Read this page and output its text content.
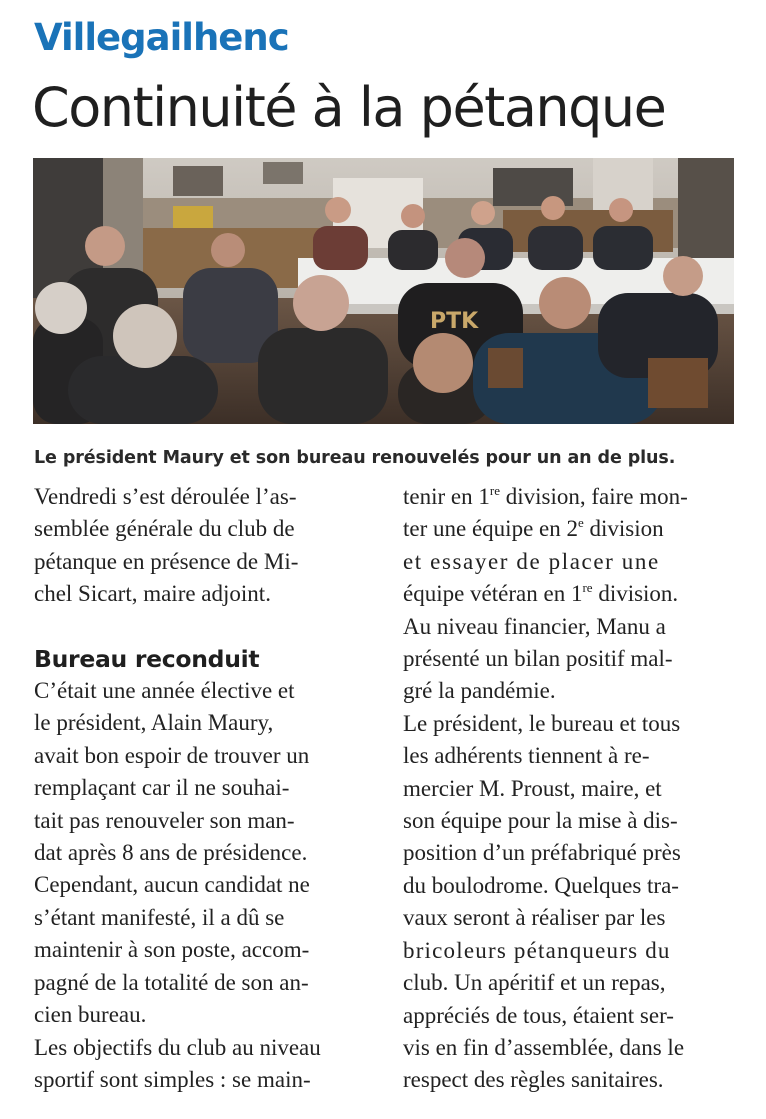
Villegailhenc
Continuité à la pétanque
PTK
Le président Maury et son bureau renouvelés pour un an de plus.

Vendredi s’est déroulée l’as-

semblée générale du club de

pétanque en présence de Mi-

chel Sicart, maire adjoint.

Bureau reconduit

C’était une année élective et

le président, Alain Maury,

avait bon espoir de trouver un

remplaçant car il ne souhai-

tait pas renouveler son man-

dat après 8 ans de présidence.

Cependant, aucun candidat ne

s’étant manifesté, il a dû se

maintenir à son poste, accom-

pagné de la totalité de son an-

cien bureau.

Les objectifs du club au niveau

sportif sont simples : se main-

tenir en 1re division, faire mon-

ter une équipe en 2e division

et essayer de placer une

équipe vétéran en 1re division.

Au niveau financier, Manu a

présenté un bilan positif mal-

gré la pandémie.

Le président, le bureau et tous

les adhérents tiennent à re-

mercier M. Proust, maire, et

son équipe pour la mise à dis-

position d’un préfabriqué près

du boulodrome. Quelques tra-

vaux seront à réaliser par les

bricoleurs pétanqueurs du

club. Un apéritif et un repas,

appréciés de tous, étaient ser-

vis en fin d’assemblée, dans le

respect des règles sanitaires.
